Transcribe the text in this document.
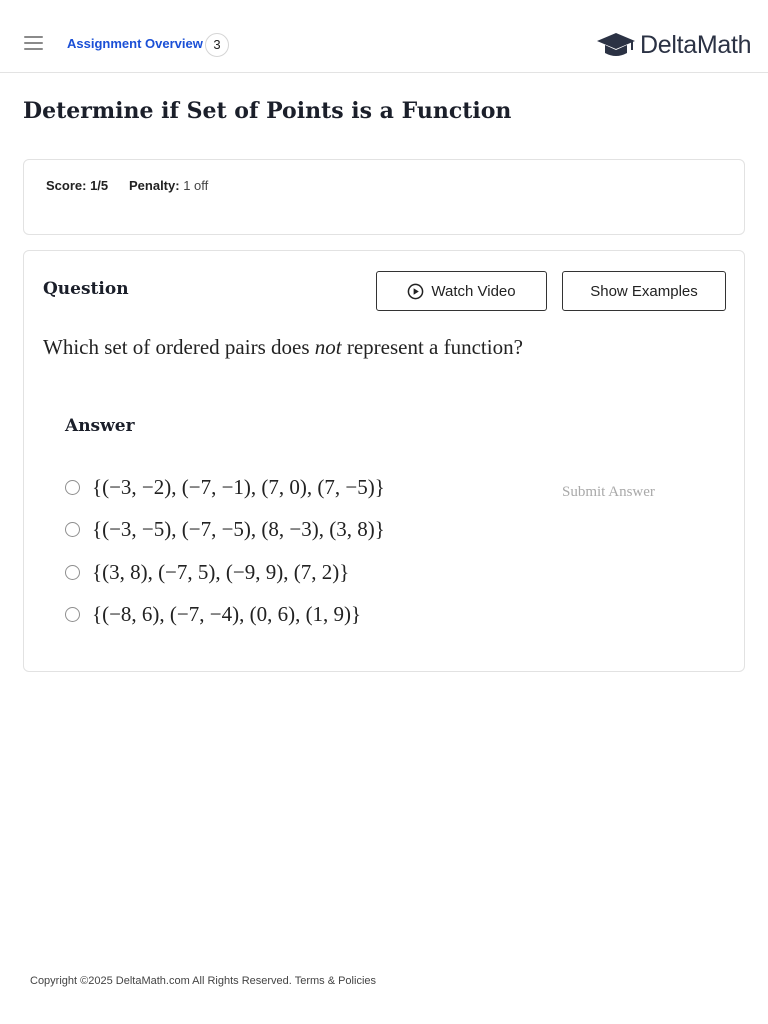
Assignment Overview 3	DeltaMath
Determine if Set of Points is a Function
Score: 1/5 Penalty: 1 off
Question	Watch Video	Show Examples
Which set of ordered pairs does not represent a function?
Answer
{(−3, −2), (−7, −1), (7, 0), (7, −5)}
{(−3, −5), (−7, −5), (8, −3), (3, 8)}
{(3, 8), (−7, 5), (−9, 9), (7, 2)}
{(−8, 6), (−7, −4), (0, 6), (1, 9)}
Submit Answer
Copyright ©2025 DeltaMath.com All Rights Reserved. Terms & Policies
